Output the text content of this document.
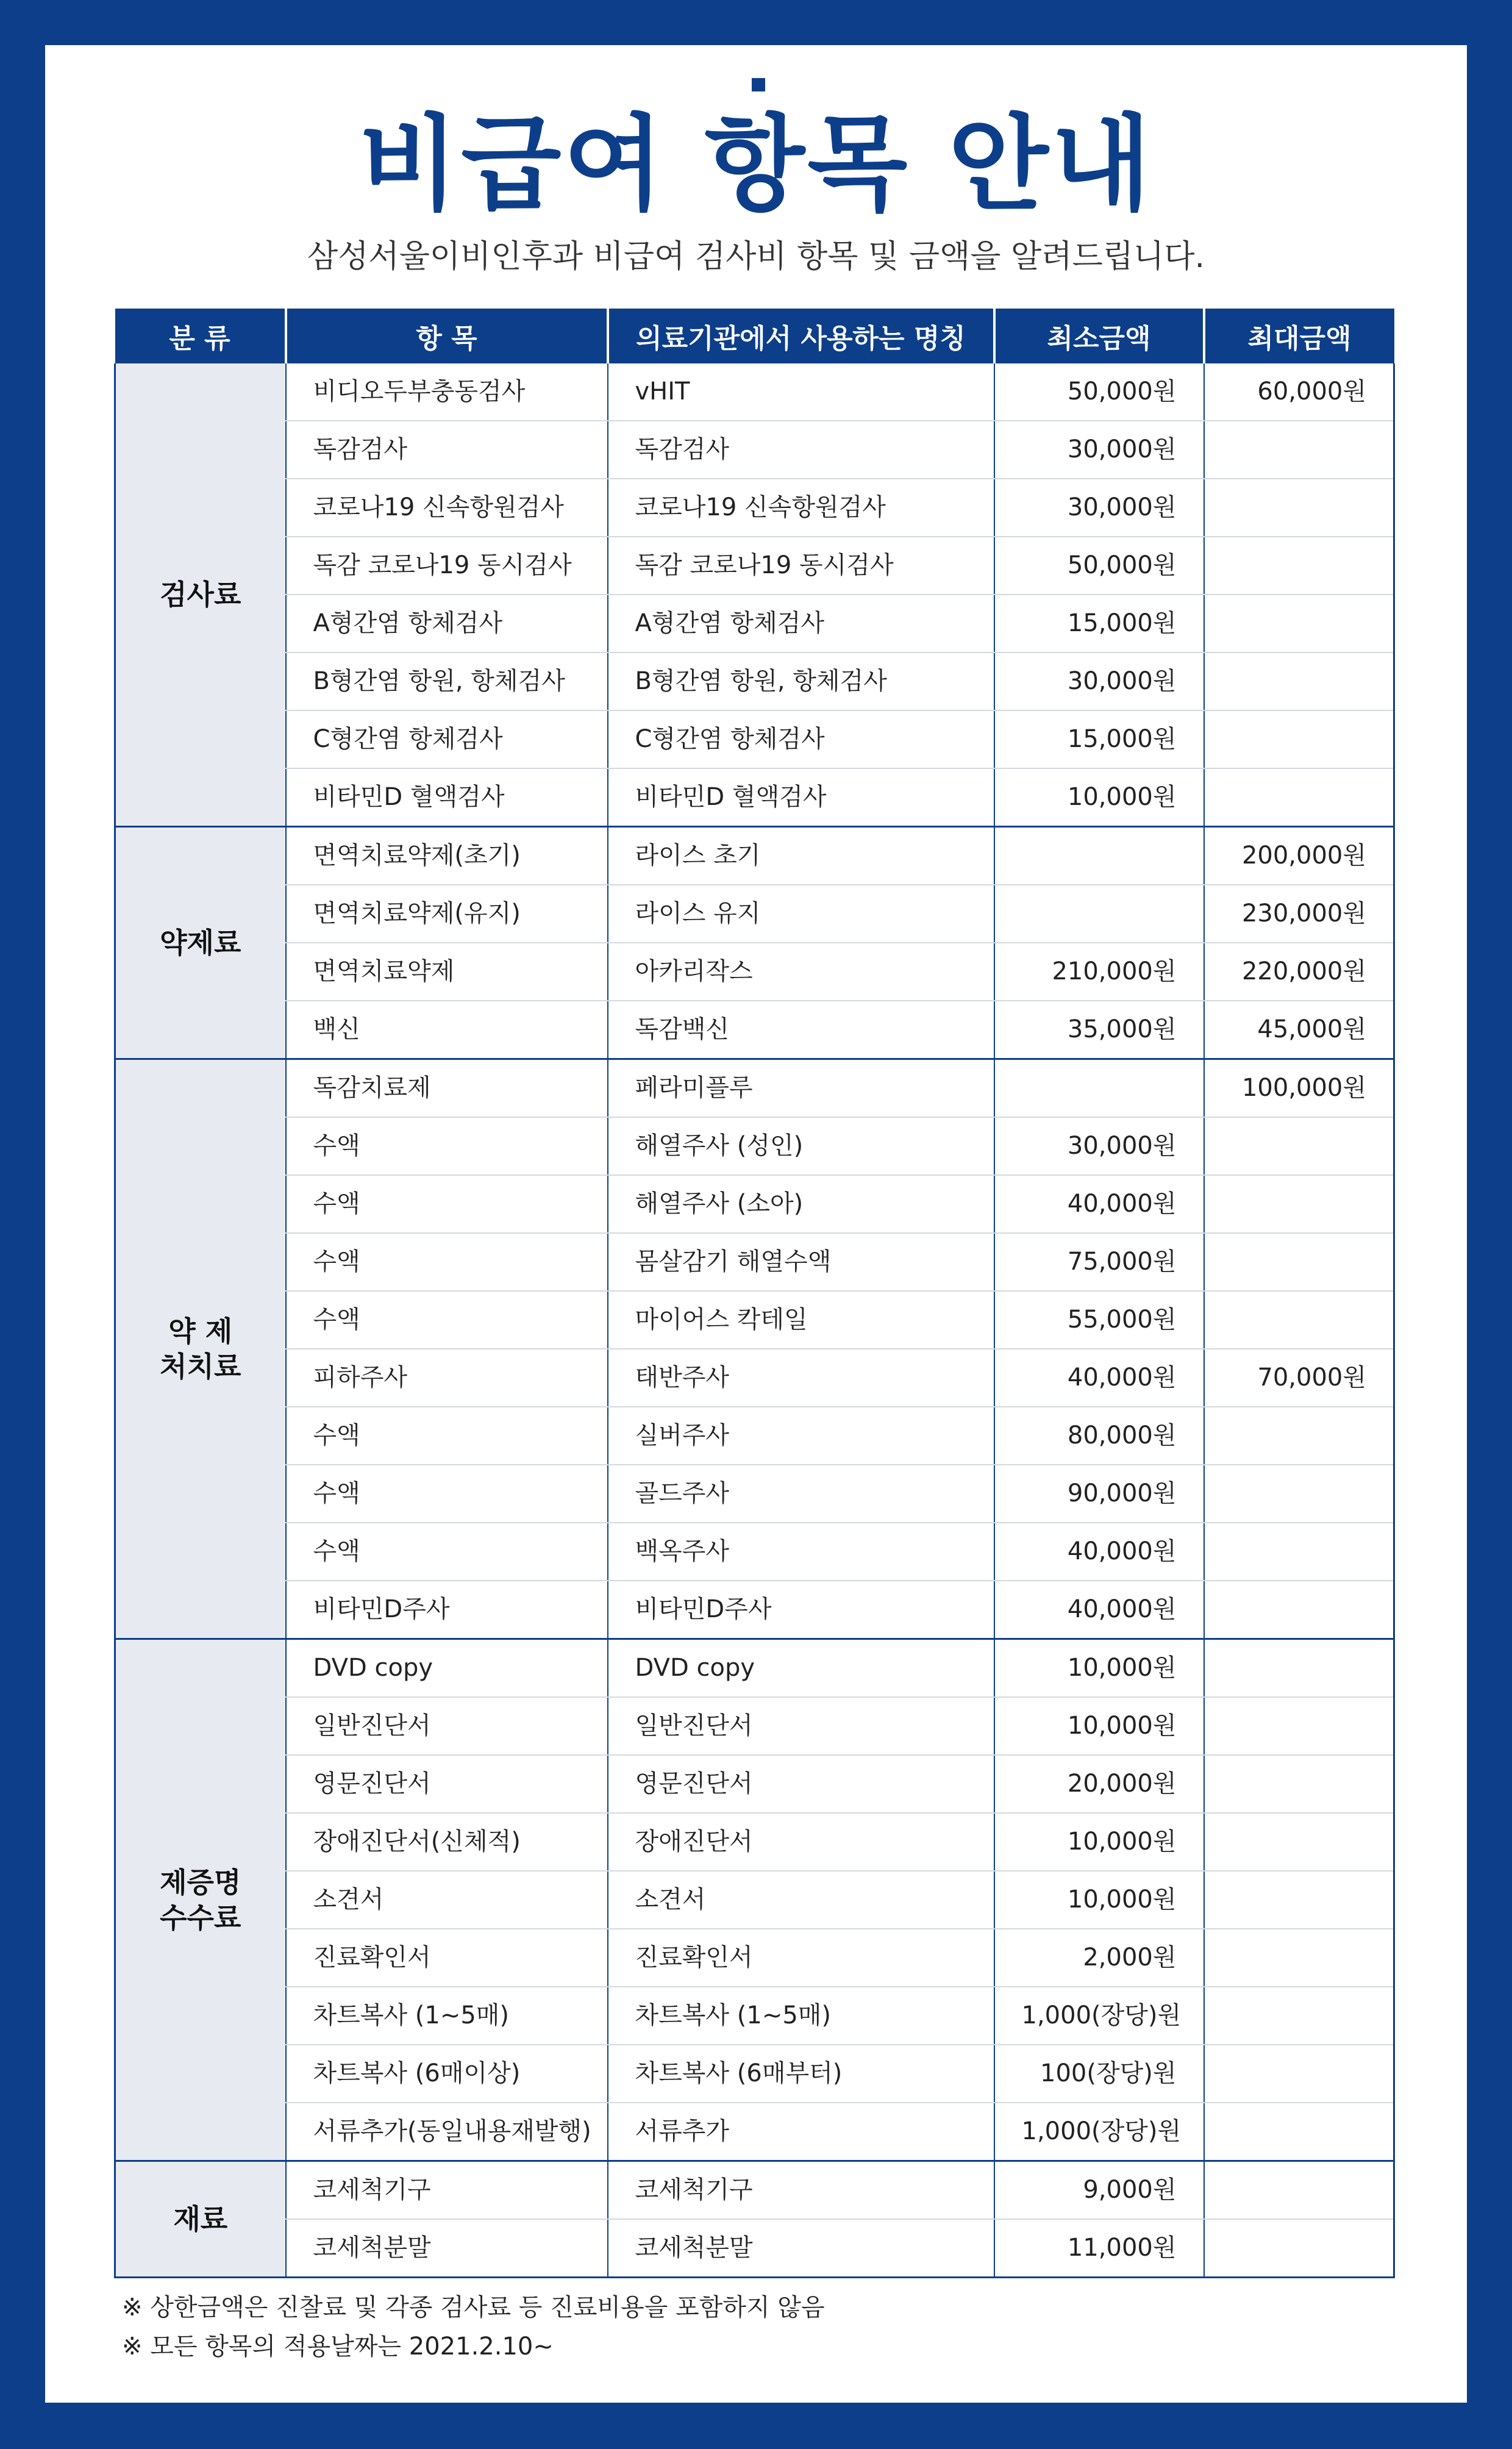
비급여 항목 안내
삼성서울이비인후과 비급여 검사비 항목 및 금액을 알려드립니다.
분 류	항 목	의료기관에서 사용하는 명칭	최소금액	최대금액
검사료	비디오두부충동검사	vHIT	50,000원	60,000원
	독감검사	독감검사	30,000원	
	코로나19 신속항원검사	코로나19 신속항원검사	30,000원	
	독감 코로나19 동시검사	독감 코로나19 동시검사	50,000원	
	A형간염 항체검사	A형간염 항체검사	15,000원	
	B형간염 항원, 항체검사	B형간염 항원, 항체검사	30,000원	
	C형간염 항체검사	C형간염 항체검사	15,000원	
	비타민D 혈액검사	비타민D 혈액검사	10,000원	
약제료	면역치료약제(초기)	라이스 초기		200,000원
	면역치료약제(유지)	라이스 유지		230,000원
	면역치료약제	아카리작스	210,000원	220,000원
	백신	독감백신	35,000원	45,000원
약 제
처치료	독감치료제	페라미플루		100,000원
	수액	해열주사 (성인)	30,000원	
	수액	해열주사 (소아)	40,000원	
	수액	몸살감기 해열수액	75,000원	
	수액	마이어스 칵테일	55,000원	
	피하주사	태반주사	40,000원	70,000원
	수액	실버주사	80,000원	
	수액	골드주사	90,000원	
	수액	백옥주사	40,000원	
	비타민D주사	비타민D주사	40,000원	
제증명
수수료	DVD copy	DVD copy	10,000원	
	일반진단서	일반진단서	10,000원	
	영문진단서	영문진단서	20,000원	
	장애진단서(신체적)	장애진단서	10,000원	
	소견서	소견서	10,000원	
	진료확인서	진료확인서	2,000원	
	차트복사 (1~5매)	차트복사 (1~5매)	1,000(장당)원	
	차트복사 (6매이상)	차트복사 (6매부터)	100(장당)원	
	서류추가(동일내용재발행)	서류추가	1,000(장당)원	
재료	코세척기구	코세척기구	9,000원	
	코세척분말	코세척분말	11,000원	
※ 상한금액은 진찰료 및 각종 검사료 등 진료비용을 포함하지 않음
※ 모든 항목의 적용날짜는 2021.2.10~
